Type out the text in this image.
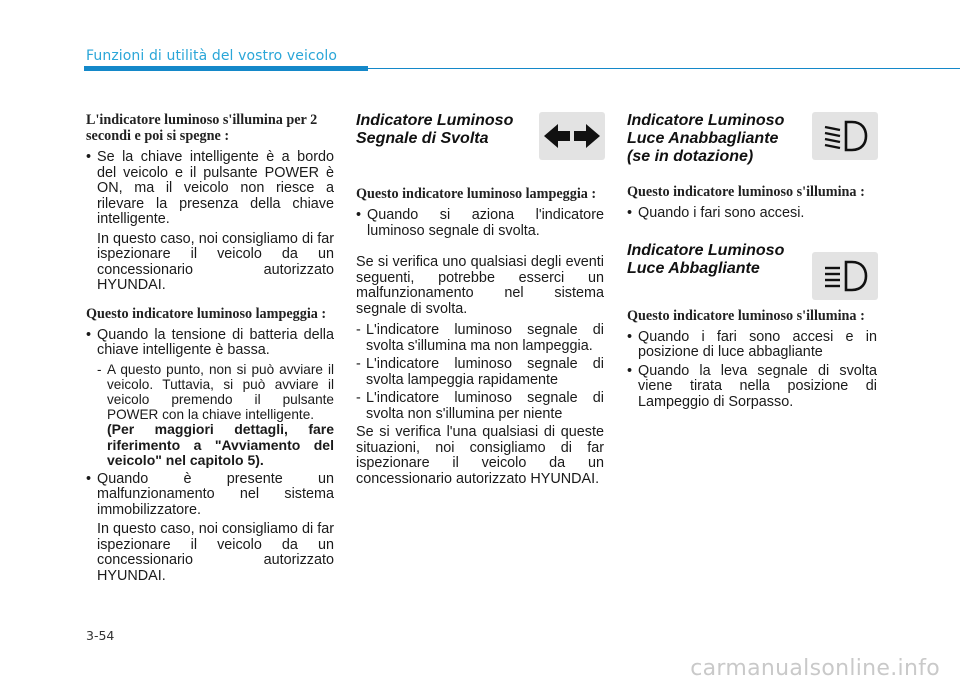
Funzioni di utilità del vostro veicolo

L'indicatore luminoso s'illumina per 2 secondi e poi si spegne :

• Se la chiave intelligente è a bordo del veicolo e il pulsante POWER è ON, ma il veicolo non riesce a rilevare la presenza della chiave intelligente.

In questo caso, noi consigliamo di far ispezionare il veicolo da un concessionario autorizzato HYUNDAI.

Questo indicatore luminoso lampeggia :

• Quando la tensione di batteria della chiave intelligente è bassa.
- A questo punto, non si può avviare il veicolo. Tuttavia, si può avviare il veicolo premendo il pulsante POWER con la chiave intelligente.
(Per maggiori dettagli, fare riferimento a "Avviamento del veicolo" nel capitolo 5).
• Quando è presente un malfunzionamento nel sistema immobilizzatore.

In questo caso, noi consigliamo di far ispezionare il veicolo da un concessionario autorizzato HYUNDAI.

Indicatore Luminoso Segnale di Svolta

Questo indicatore luminoso lampeggia :

• Quando si aziona l'indicatore luminoso segnale di svolta.

Se si verifica uno qualsiasi degli eventi seguenti, potrebbe esserci un malfunzionamento nel sistema segnale di svolta.

- L'indicatore luminoso segnale di svolta s'illumina ma non lampeggia.
- L'indicatore luminoso segnale di svolta lampeggia rapidamente
- L'indicatore luminoso segnale di svolta non s'illumina per niente

Se si verifica l'una qualsiasi di queste situazioni, noi consigliamo di far ispezionare il veicolo da un concessionario autorizzato HYUNDAI.

Indicatore Luminoso Luce Anabbagliante (se in dotazione)

Questo indicatore luminoso s'illumina :

• Quando i fari sono accesi.

Indicatore Luminoso Luce Abbagliante

Questo indicatore luminoso s'illumina :

• Quando i fari sono accesi e in posizione di luce abbagliante
• Quando la leva segnale di svolta viene tirata nella posizione di Lampeggio di Sorpasso.
3-54
carmanualsonline.info
